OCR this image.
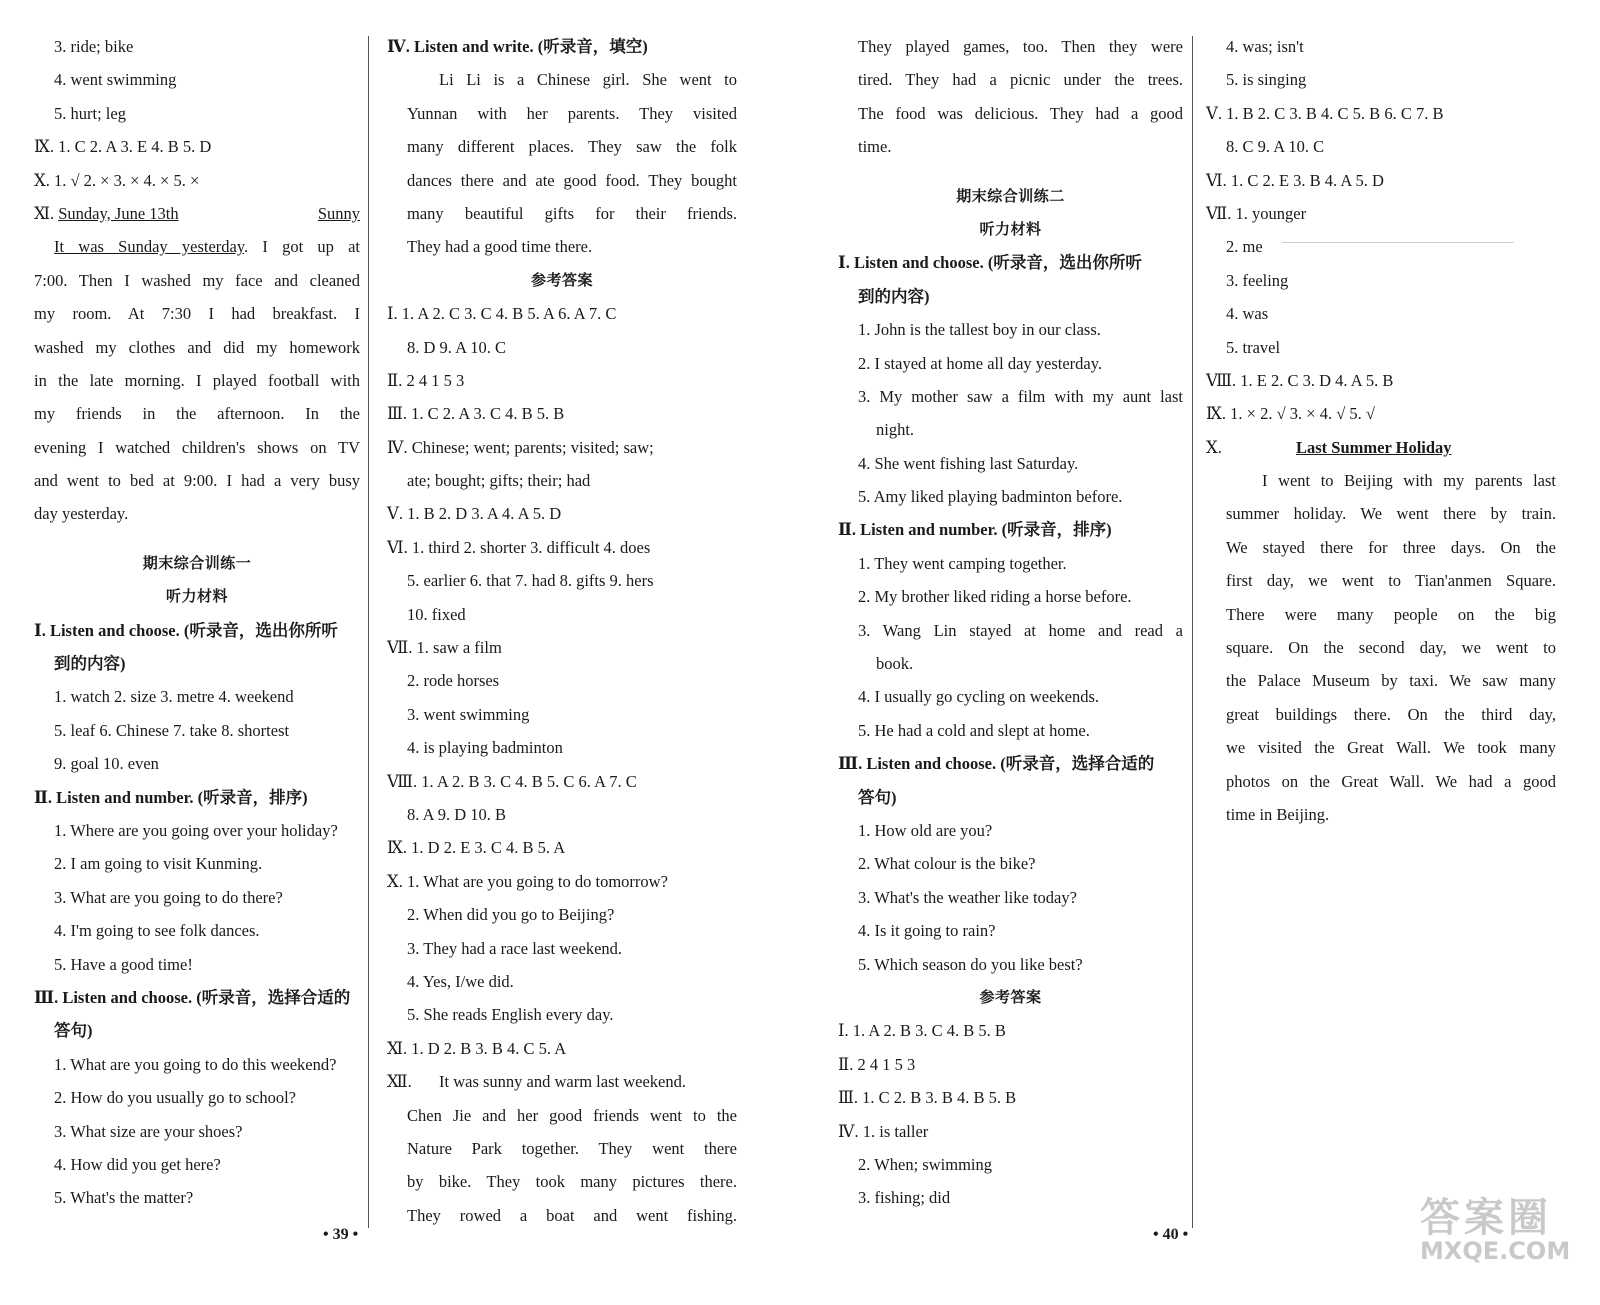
3. ride; bike
4. went swimming
5. hurt; leg
Ⅸ. 1. C 2. A 3. E 4. B 5. D
Ⅹ. 1. √ 2. × 3. × 4. × 5. ×
Ⅺ. Sunday, June 13th	Sunny
It was Sunday yesterday. I got up at
7:00. Then I washed my face and cleaned
my room. At 7:30 I had breakfast. I
washed my clothes and did my homework
in the late morning. I played football with
my friends in the afternoon. In the
evening I watched children's shows on TV
and went to bed at 9:00. I had a very busy
day yesterday.
期末综合训练一
听力材料
Ⅰ. Listen and choose. (听录音，选出你所听
到的内容)
1. watch 2. size 3. metre 4. weekend
5. leaf 6. Chinese 7. take 8. shortest
9. goal 10. even
Ⅱ. Listen and number. (听录音，排序)
1. Where are you going over your holiday?
2. I am going to visit Kunming.
3. What are you going to do there?
4. I'm going to see folk dances.
5. Have a good time!
Ⅲ. Listen and choose. (听录音，选择合适的
答句)
1. What are you going to do this weekend?
2. How do you usually go to school?
3. What size are your shoes?
4. How did you get here?
5. What's the matter?
Ⅳ. Listen and write. (听录音，填空)
Li Li is a Chinese girl. She went to
Yunnan with her parents. They visited
many different places. They saw the folk
dances there and ate good food. They bought
many beautiful gifts for their friends.
They had a good time there.
参考答案
Ⅰ. 1. A 2. C 3. C 4. B 5. A 6. A 7. C
8. D 9. A 10. C
Ⅱ. 2 4 1 5 3
Ⅲ. 1. C 2. A 3. C 4. B 5. B
Ⅳ. Chinese; went; parents; visited; saw;
ate; bought; gifts; their; had
Ⅴ. 1. B 2. D 3. A 4. A 5. D
Ⅵ. 1. third 2. shorter 3. difficult 4. does
5. earlier 6. that 7. had 8. gifts 9. hers
10. fixed
Ⅶ. 1. saw a film
2. rode horses
3. went swimming
4. is playing badminton
Ⅷ. 1. A 2. B 3. C 4. B 5. C 6. A 7. C
8. A 9. D 10. B
Ⅸ. 1. D 2. E 3. C 4. B 5. A
Ⅹ. 1. What are you going to do tomorrow?
2. When did you go to Beijing?
3. They had a race last weekend.
4. Yes, I/we did.
5. She reads English every day.
Ⅺ. 1. D 2. B 3. B 4. C 5. A
Ⅻ. It was sunny and warm last weekend.
Chen Jie and her good friends went to the
Nature Park together. They went there
by bike. They took many pictures there.
They rowed a boat and went fishing.
They played games, too. Then they were
tired. They had a picnic under the trees.
The food was delicious. They had a good
time.
期末综合训练二
听力材料
Ⅰ. Listen and choose. (听录音，选出你所听
到的内容)
1. John is the tallest boy in our class.
2. I stayed at home all day yesterday.
3. My mother saw a film with my aunt last
night.
4. She went fishing last Saturday.
5. Amy liked playing badminton before.
Ⅱ. Listen and number. (听录音，排序)
1. They went camping together.
2. My brother liked riding a horse before.
3. Wang Lin stayed at home and read a
book.
4. I usually go cycling on weekends.
5. He had a cold and slept at home.
Ⅲ. Listen and choose. (听录音，选择合适的
答句)
1. How old are you?
2. What colour is the bike?
3. What's the weather like today?
4. Is it going to rain?
5. Which season do you like best?
参考答案
Ⅰ. 1. A 2. B 3. C 4. B 5. B
Ⅱ. 2 4 1 5 3
Ⅲ. 1. C 2. B 3. B 4. B 5. B
Ⅳ. 1. is taller
2. When; swimming
3. fishing; did
4. was; isn't
5. is singing
Ⅴ. 1. B 2. C 3. B 4. C 5. B 6. C 7. B
8. C 9. A 10. C
Ⅵ. 1. C 2. E 3. B 4. A 5. D
Ⅶ. 1. younger
2. me
3. feeling
4. was
5. travel
Ⅷ. 1. E 2. C 3. D 4. A 5. B
Ⅸ. 1. × 2. √ 3. × 4. √ 5. √
Ⅹ.	Last Summer Holiday
I went to Beijing with my parents last
summer holiday. We went there by train.
We stayed there for three days. On the
first day, we went to Tian'anmen Square.
There were many people on the big
square. On the second day, we went to
the Palace Museum by taxi. We saw many
great buildings there. On the third day,
we visited the Great Wall. We took many
photos on the Great Wall. We had a good
time in Beijing.
• 39 •	• 40 •	答案圈
MXQE.COM
